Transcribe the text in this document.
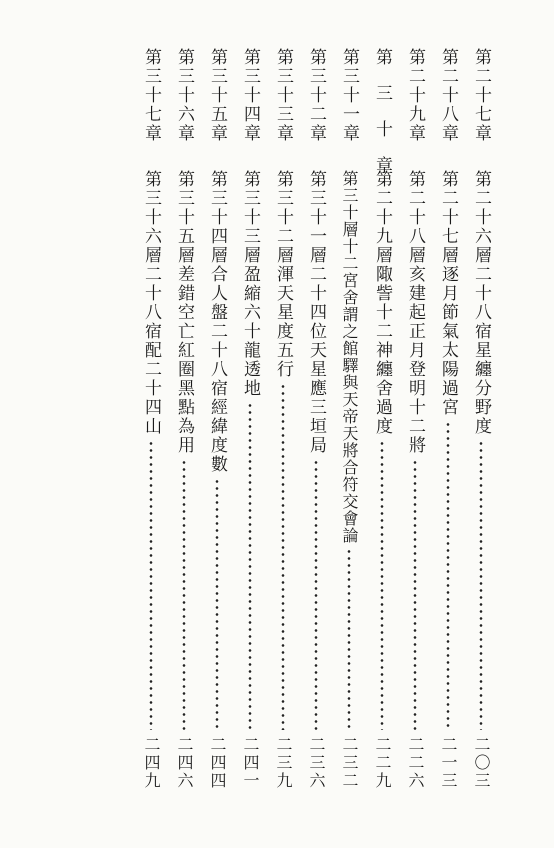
第二十七章
第二十六層二十八宿星纏分野度
二〇三
第二十八章
第二十七層逐月節氣太陽過宮
二一三
第二十九章
第二十八層亥建起正月登明十二將
二二六
第三十章
第二十九層陬訾十二神纏舍過度
二二九
第三十一章
第三十層十二宮舍謂之館驛與天帝天將合符交會論
二三二
第三十二章
第三十一層二十四位天星應三垣局
二三六
第三十三章
第三十二層渾天星度五行
二三九
第三十四章
第三十三層盈縮六十龍透地
二四一
第三十五章
第三十四層合人盤二十八宿經緯度數
二四四
第三十六章
第三十五層差錯空亡紅圈黑點為用
二四六
第三十七章
第三十六層二十八宿配二十四山
二四九
